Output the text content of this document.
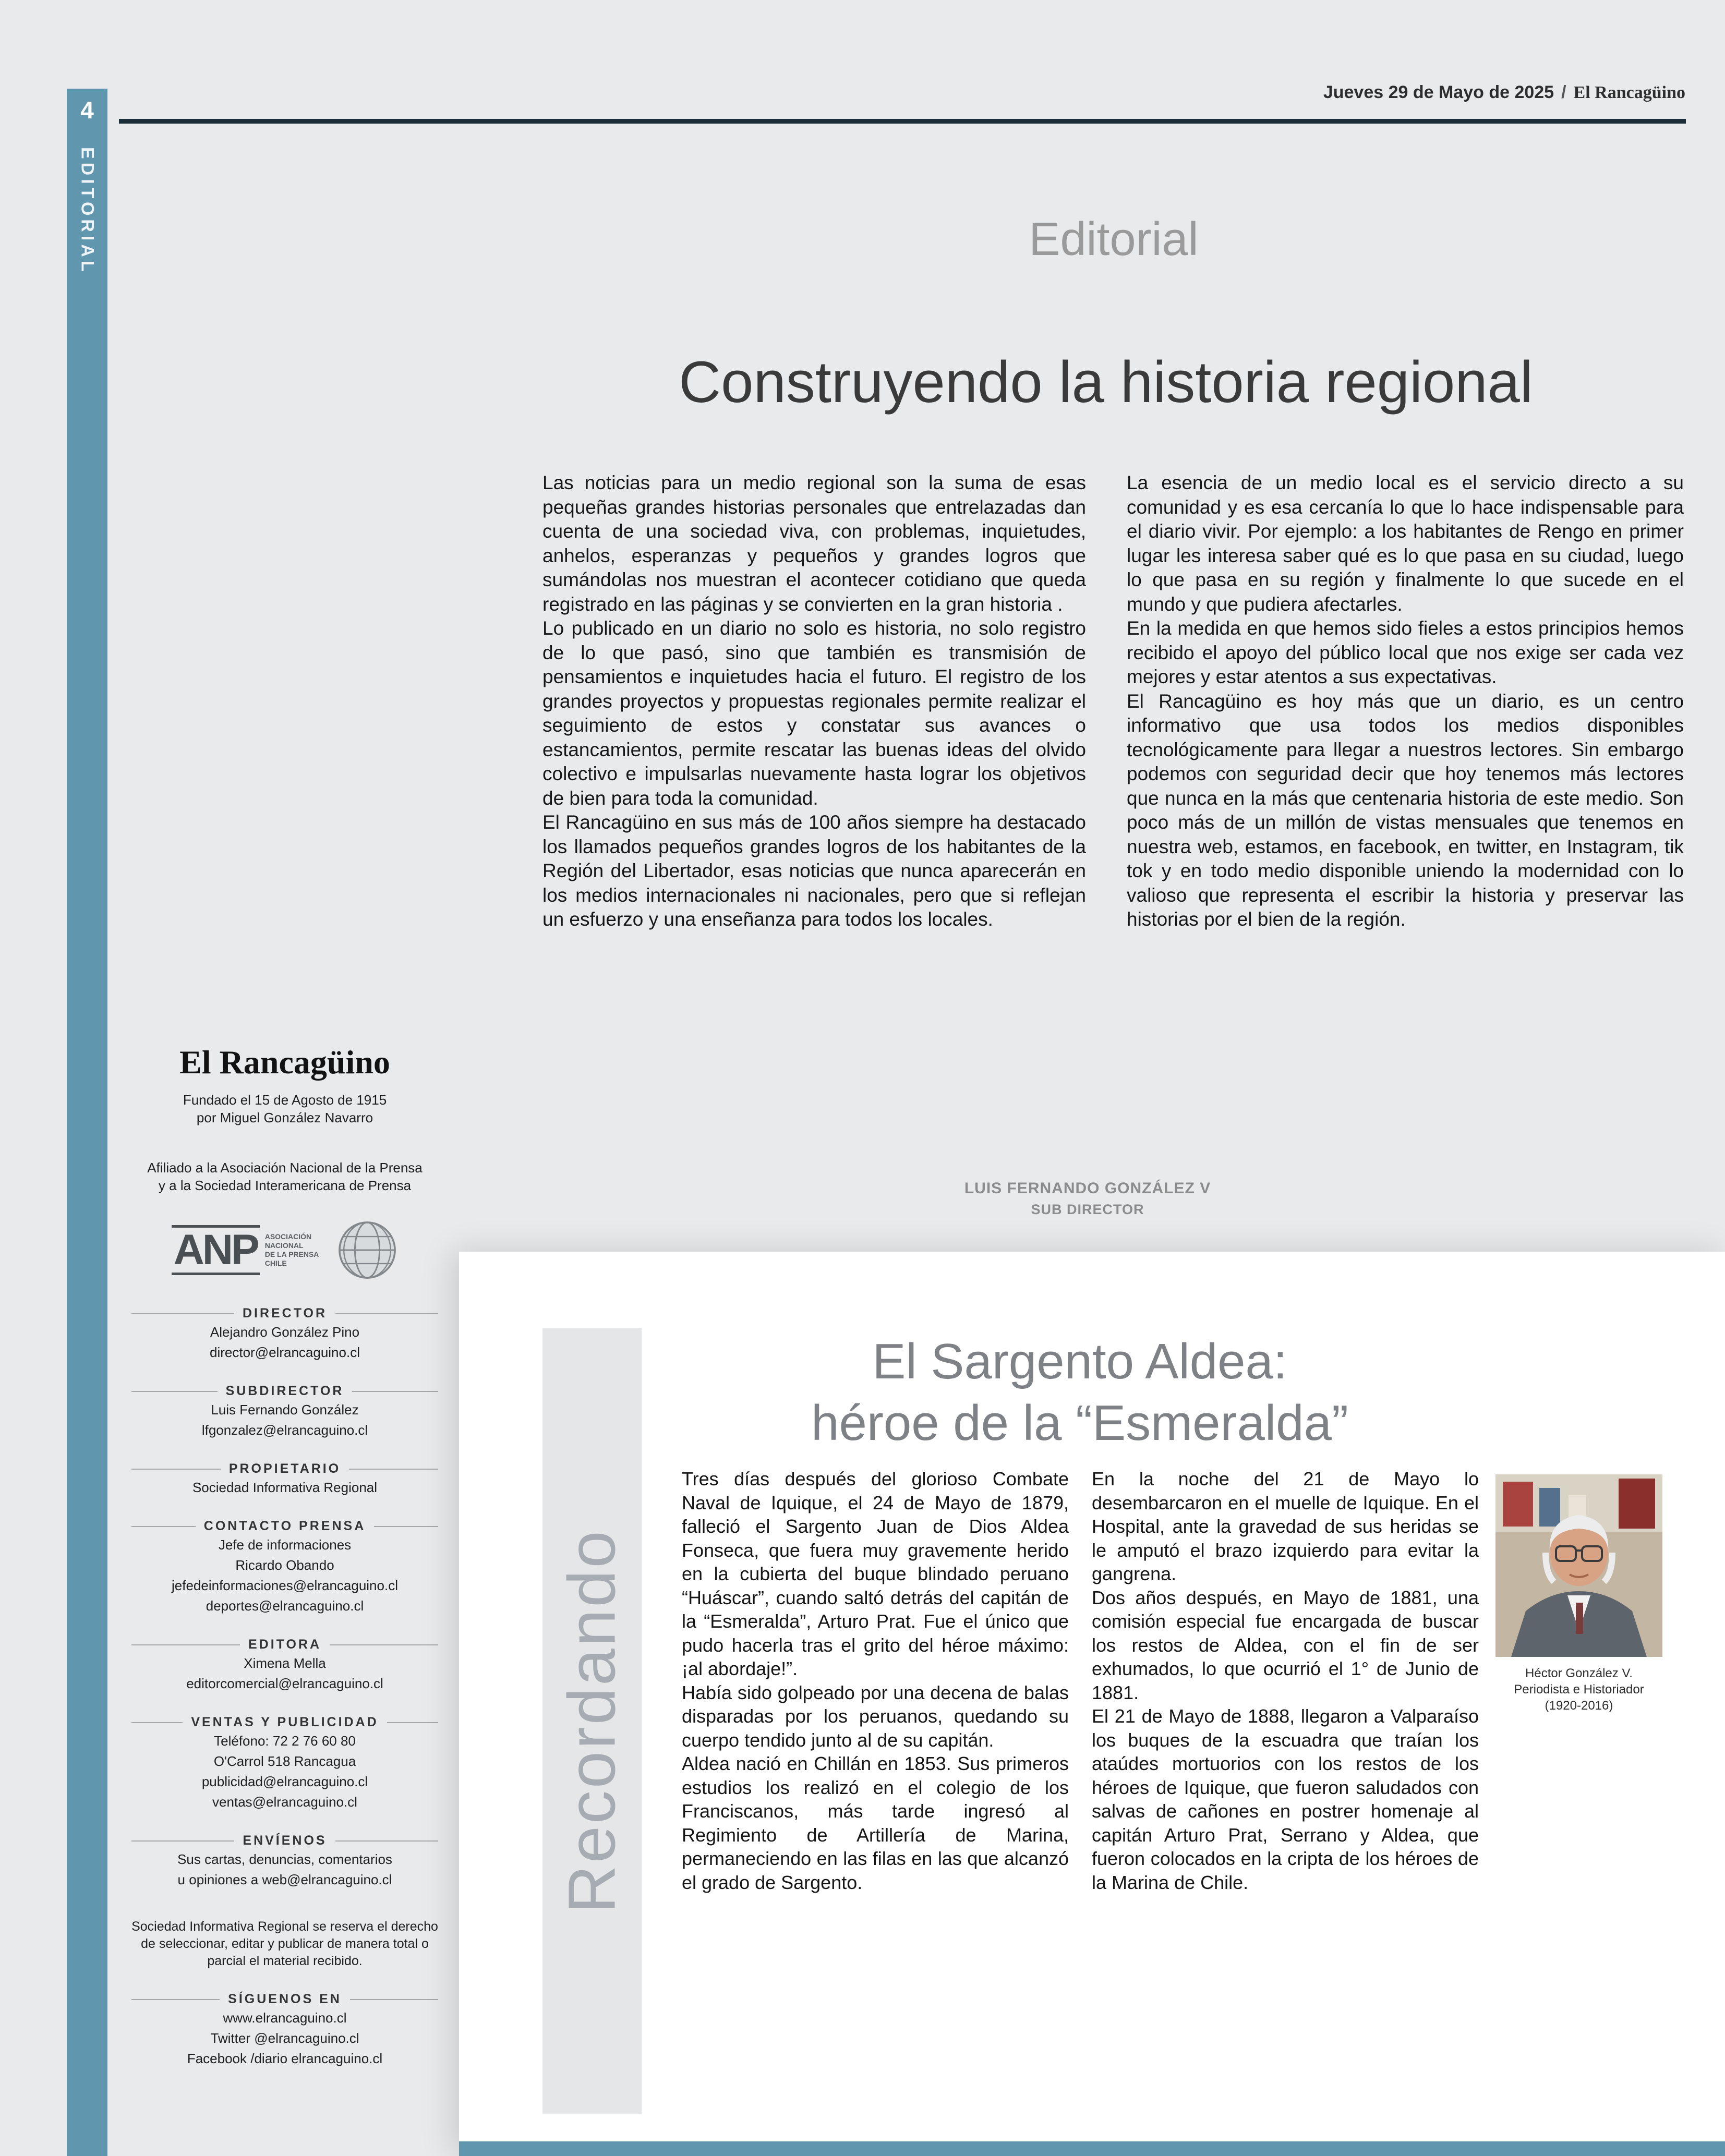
4
EDITORIAL
Jueves 29 de Mayo de 2025 / El Rancagüino
Editorial
Construyendo la historia regional

Las noticias para un medio regional son la suma de esas pequeñas grandes historias personales que entrelazadas dan cuenta de una sociedad viva, con problemas, inquietudes, anhelos, esperanzas y pequeños y grandes logros que sumándolas nos muestran el acontecer cotidiano que queda registrado en las páginas y se convierten en la gran historia .

Lo publicado en un diario no solo es historia, no solo registro de lo que pasó, sino que también es transmisión de pensamientos e inquietudes hacia el futuro. El registro de los grandes proyectos y propuestas regionales permite realizar el seguimiento de estos y constatar sus avances o estancamientos, permite rescatar las buenas ideas del olvido colectivo e impulsarlas nuevamente hasta lograr los objetivos de bien para toda la comunidad.

El Rancagüino en sus más de 100 años siempre ha destacado los llamados pequeños grandes logros de los habitantes de la Región del Libertador, esas noticias que nunca aparecerán en los medios internacionales ni nacionales, pero que si reflejan un esfuerzo y una enseñanza para todos los locales.

La esencia de un medio local es el servicio directo a su comunidad y es esa cercanía lo que lo hace indispensable para el diario vivir. Por ejemplo: a los habitantes de Rengo en primer lugar les interesa saber qué es lo que pasa en su ciudad, luego lo que pasa en su región y finalmente lo que sucede en el mundo y que pudiera afectarles.

En la medida en que hemos sido fieles a estos principios hemos recibido el apoyo del público local que nos exige ser cada vez mejores y estar atentos a sus expectativas.

El Rancagüino es hoy más que un diario, es un centro informativo que usa todos los medios disponibles tecnológicamente para llegar a nuestros lectores. Sin embargo podemos con seguridad decir que hoy tenemos más lectores que nunca en la más que centenaria historia de este medio. Son poco más de un millón de vistas mensuales que tenemos en nuestra web, estamos, en facebook, en twitter, en Instagram, tik tok y en todo medio disponible uniendo la modernidad con lo valioso que representa el escribir la historia y preservar las historias por el bien de la región.

LUIS FERNANDO GONZÁLEZ V
SUB DIRECTOR
El Rancagüino
Fundado el 15 de Agosto de 1915
por Miguel González Navarro
Afiliado a la Asociación Nacional de la Prensa
y a la Sociedad Interamericana de Prensa
ANP ASOCIACIÓN
NACIONAL
DE LA PRENSA
CHILE
DIRECTOR
Alejandro González Pino
director@elrancaguino.cl
SUBDIRECTOR
Luis Fernando González
lfgonzalez@elrancaguino.cl
PROPIETARIO
Sociedad Informativa Regional
CONTACTO PRENSA
Jefe de informaciones
Ricardo Obando
jefedeinformaciones@elrancaguino.cl
deportes@elrancaguino.cl
EDITORA
Ximena Mella
editorcomercial@elrancaguino.cl
VENTAS Y PUBLICIDAD
Teléfono: 72 2 76 60 80
O'Carrol 518 Rancagua
publicidad@elrancaguino.cl
ventas@elrancaguino.cl
ENVÍENOS
Sus cartas, denuncias, comentarios
u opiniones a web@elrancaguino.cl
Sociedad Informativa Regional se reserva el derecho de seleccionar, editar y publicar de manera total o parcial el material recibido.
SÍGUENOS EN
www.elrancaguino.cl
Twitter @elrancaguino.cl
Facebook /diario elrancaguino.cl
Recordando
El Sargento Aldea:
héroe de la “Esmeralda”

Tres días después del glorioso Combate Naval de Iquique, el 24 de Mayo de 1879, falleció el Sargento Juan de Dios Aldea Fonseca, que fuera muy gravemente herido en la cubierta del buque blindado peruano “Huáscar”, cuando saltó detrás del capitán de la “Esmeralda”, Arturo Prat. Fue el único que pudo hacerla tras el grito del héroe máximo: ¡al abordaje!”.

Había sido golpeado por una decena de balas disparadas por los peruanos, quedando su cuerpo tendido junto al de su capitán.

Aldea nació en Chillán en 1853. Sus primeros estudios los realizó en el colegio de los Franciscanos, más tarde ingresó al Regimiento de Artillería de Marina, permaneciendo en las filas en las que alcanzó el grado de Sargento.

En la noche del 21 de Mayo lo desembarcaron en el muelle de Iquique. En el Hospital, ante la gravedad de sus heridas se le amputó el brazo izquierdo para evitar la gangrena.

Dos años después, en Mayo de 1881, una comisión especial fue encargada de buscar los restos de Aldea, con el fin de ser exhumados, lo que ocurrió el 1° de Junio de 1881.

El 21 de Mayo de 1888, llegaron a Valparaíso los buques de la escuadra que traían los ataúdes mortuorios con los restos de los héroes de Iquique, que fueron saludados con salvas de cañones en postrer homenaje al capitán Arturo Prat, Serrano y Aldea, que fueron colocados en la cripta de los héroes de la Marina de Chile.

Héctor González V.
Periodista e Historiador
(1920-2016)
